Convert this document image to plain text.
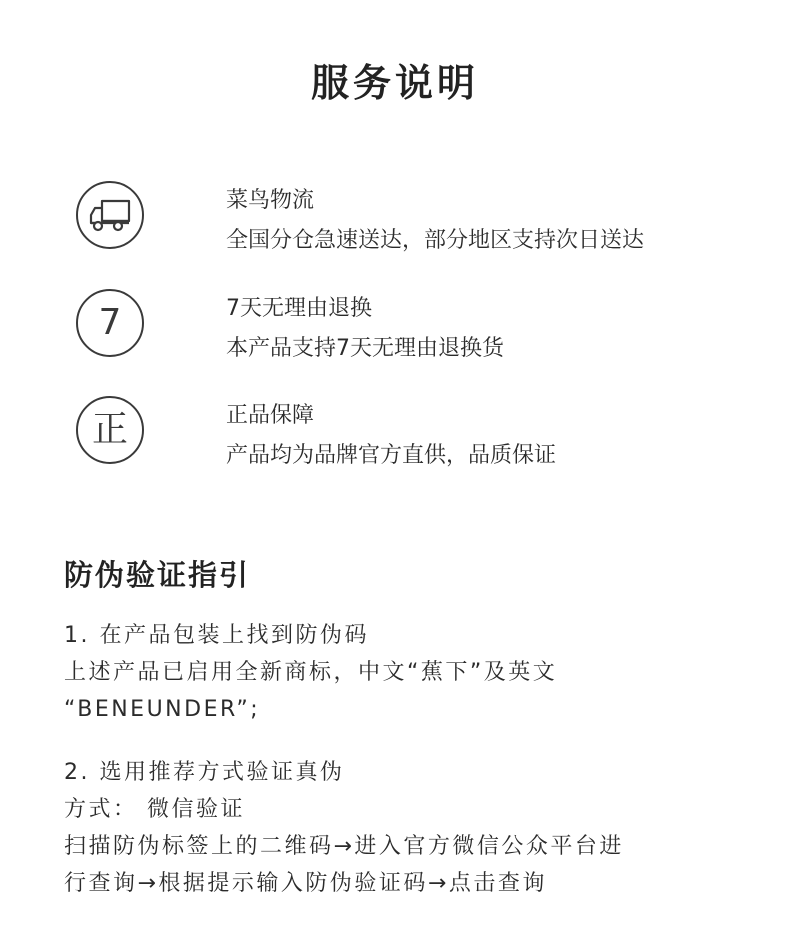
服务说明
菜鸟物流
全国分仓急速送达，部分地区支持次日送达
7	7天无理由退换
本产品支持7天无理由退换货
正	正品保障
产品均为品牌官方直供，品质保证
防伪验证指引
1. 在产品包装上找到防伪码
上述产品已启用全新商标，中文“蕉下”及英文
“BENEUNDER”;
2. 选用推荐方式验证真伪
方式： 微信验证
扫描防伪标签上的二维码→进入官方微信公众平台进
行查询→根据提示输入防伪验证码→点击查询
